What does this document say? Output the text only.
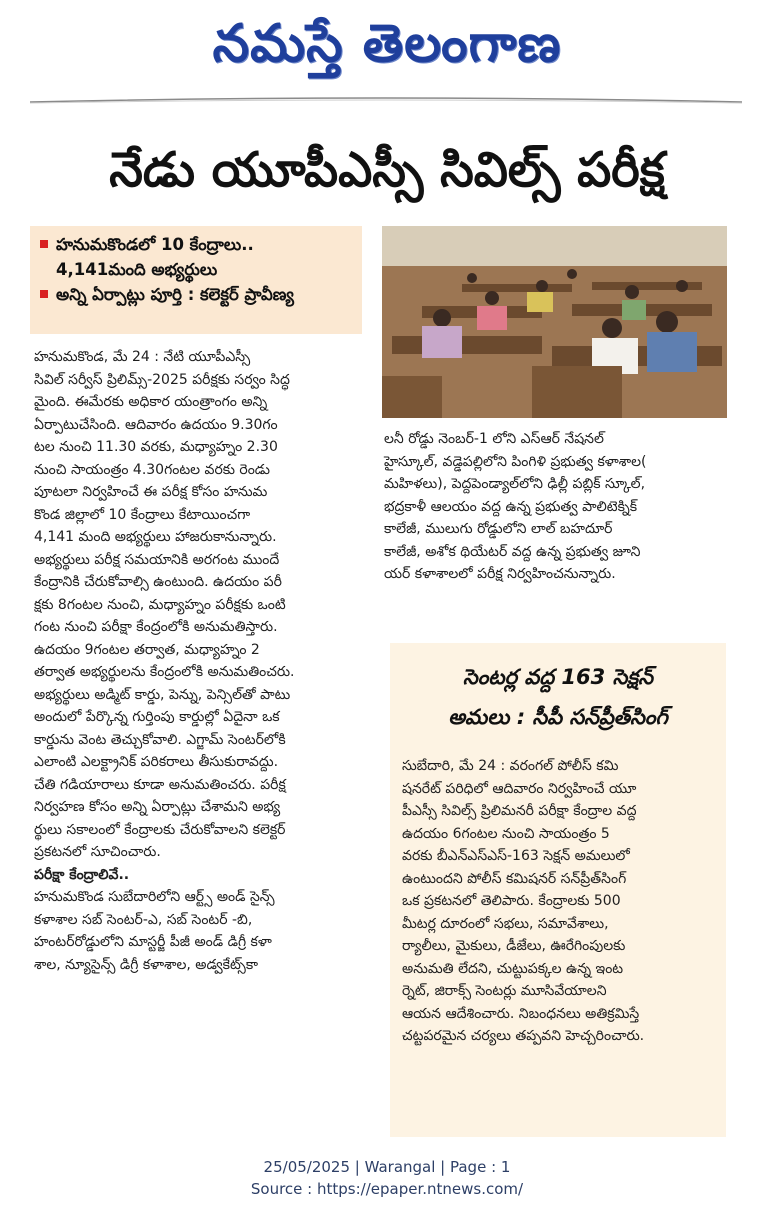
నమస్తే తెలంగాణ
నేడు యూపీఎస్సీ సివిల్స్ పరీక్ష
హనుమకొండలో 10 కేంద్రాలు..
4,141మంది అభ్యర్థులు
అన్ని ఏర్పాట్లు పూర్తి : కలెక్టర్ ప్రావీణ్య

హనుమకొండ, మే 24 : నేటి యూపీఎస్సీ

సివిల్ సర్వీస్ ప్రిలిమ్స్-2025 పరీక్షకు సర్వం సిద్ధ

మైంది. ఈమేరకు అధికార యంత్రాంగం అన్ని

ఏర్పాటుచేసింది. ఆదివారం ఉదయం 9.30గం

టల నుంచి 11.30 వరకు, మధ్యాహ్నం 2.30

నుంచి సాయంత్రం 4.30గంటల వరకు రెండు

పూటలా నిర్వహించే ఈ పరీక్ష కోసం హనుమ

కొండ జిల్లాలో 10 కేంద్రాలు కేటాయించగా

4,141 మంది అభ్యర్థులు హాజరుకానున్నారు.

అభ్యర్థులు పరీక్ష సమయానికి అరగంట ముందే

కేంద్రానికి చేరుకోవాల్సి ఉంటుంది. ఉదయం పరీ

క్షకు 8గంటల నుంచి, మధ్యాహ్నం పరీక్షకు ఒంటి

గంట నుంచి పరీక్షా కేంద్రంలోకి అనుమతిస్తారు.

ఉదయం 9గంటల తర్వాత, మధ్యాహ్నం 2

తర్వాత అభ్యర్థులను కేంద్రంలోకి అనుమతించరు.

అభ్యర్థులు అడ్మిట్ కార్డు, పెన్ను, పెన్సిల్‌తో పాటు

అందులో పేర్కొన్న గుర్తింపు కార్డుల్లో ఏదైనా ఒక

కార్డును వెంట తెచ్చుకోవాలి. ఎగ్జామ్ సెంటర్‌లోకి

ఎలాంటి ఎలక్ట్రానిక్ పరికరాలు తీసుకురావద్దు.

చేతి గడియారాలు కూడా అనుమతించరు. పరీక్ష

నిర్వహణ కోసం అన్ని ఏర్పాట్లు చేశామని అభ్య

ర్థులు సకాలంలో కేంద్రాలకు చేరుకోవాలని కలెక్టర్

ప్రకటనలో సూచించారు.

పరీక్షా కేంద్రాలివే..

హనుమకొండ సుబేదారిలోని ఆర్ట్స్ అండ్ సైన్స్

కళాశాల సబ్ సెంటర్-ఎ, సబ్ సెంటర్ -బి,

హంటర్‌రోడ్డులోని మాస్టర్జీ పీజీ అండ్ డిగ్రీ కళా

శాల, న్యూసైన్స్ డిగ్రీ కళాశాల, అడ్వకేట్స్‌కా

లనీ రోడ్డు నెంబర్-1 లోని ఎస్ఆర్ నేషనల్

హైస్కూల్, వడ్డెపల్లిలోని పింగిళి ప్రభుత్వ కళాశాల(

మహిళలు), పెద్దపెండ్యాల్‌లోని ఢిల్లీ పబ్లిక్ స్కూల్,

భద్రకాళీ ఆలయం వద్ద ఉన్న ప్రభుత్వ పాలిటెక్నిక్

కాలేజీ, ములుగు రోడ్డులోని లాల్ బహదూర్

కాలేజీ, అశోక థియేటర్ వద్ద ఉన్న ప్రభుత్వ జూని

యర్ కళాశాలలో పరీక్ష నిర్వహించనున్నారు.

సెంటర్ల వద్ద 163 సెక్షన్
అమలు : సీపీ సన్‌ప్రీత్‌సింగ్
సుబేదారి, మే 24 : వరంగల్ పోలీస్ కమి
షనరేట్ పరిధిలో ఆదివారం నిర్వహించే యూ
పీఎస్సీ సివిల్స్ ప్రిలిమనరీ పరీక్షా కేంద్రాల వద్ద
ఉదయం 6గంటల నుంచి సాయంత్రం 5
వరకు బీఎన్ఎస్ఎస్-163 సెక్షన్ అమలులో
ఉంటుందని పోలీస్ కమిషనర్ సన్‌ప్రీత్‌సింగ్
ఒక ప్రకటనలో తెలిపారు. కేంద్రాలకు 500
మీటర్ల దూరంలో సభలు, సమావేశాలు,
ర్యాలీలు, మైకులు, డీజేలు, ఊరేగింపులకు
అనుమతి లేదని, చుట్టుపక్కల ఉన్న ఇంట
ర్నెట్, జిరాక్స్ సెంటర్లు మూసివేయాలని
ఆయన ఆదేశించారు. నిబంధనలు అతిక్రమిస్తే
చట్టపరమైన చర్యలు తప్పవని హెచ్చరించారు.
25/05/2025 | Warangal | Page : 1
Source : https://epaper.ntnews.com/
